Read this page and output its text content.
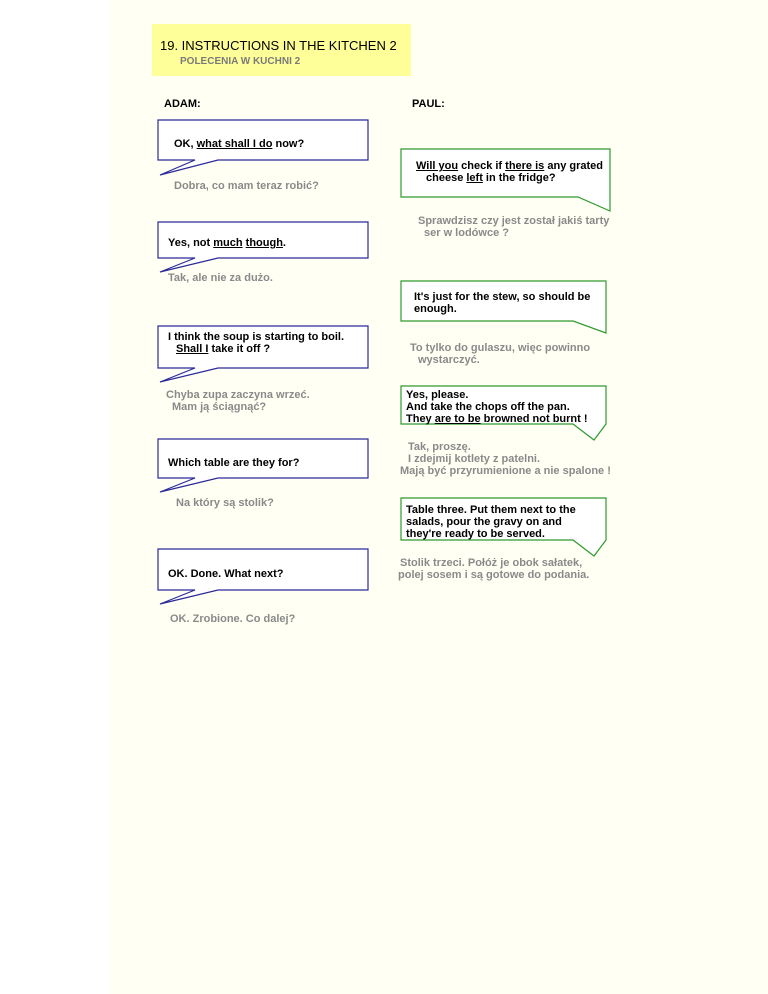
19. INSTRUCTIONS IN THE KITCHEN 2
POLECENIA W KUCHNI 2
ADAM:	PAUL:
OK, what shall I do now?
Dobra, co mam teraz robić?
Yes, not much though.
Tak, ale nie za dużo.
I think the soup is starting to boil.
Shall I take it off ?
Chyba zupa zaczyna wrzeć.
Mam ją ściągnąć?
Which table are they for?
Na który są stolik?
OK. Done. What next?
OK. Zrobione. Co dalej?
Will you check if there is any grated
cheese left in the fridge?
Sprawdzisz czy jest został jakiś tarty
ser w lodówce ?
It's just for the stew, so should be
enough.
To tylko do gulaszu, więc powinno
wystarczyć.
Yes, please.
And take the chops off the pan.
They are to be browned not burnt !
Tak, proszę.
I zdejmij kotlety z patelni.
Mają być przyrumienione a nie spalone !
Table three. Put them next to the
salads, pour the gravy on and
they're ready to be served.
Stolik trzeci. Połóż je obok sałatek,
polej sosem i są gotowe do podania.
